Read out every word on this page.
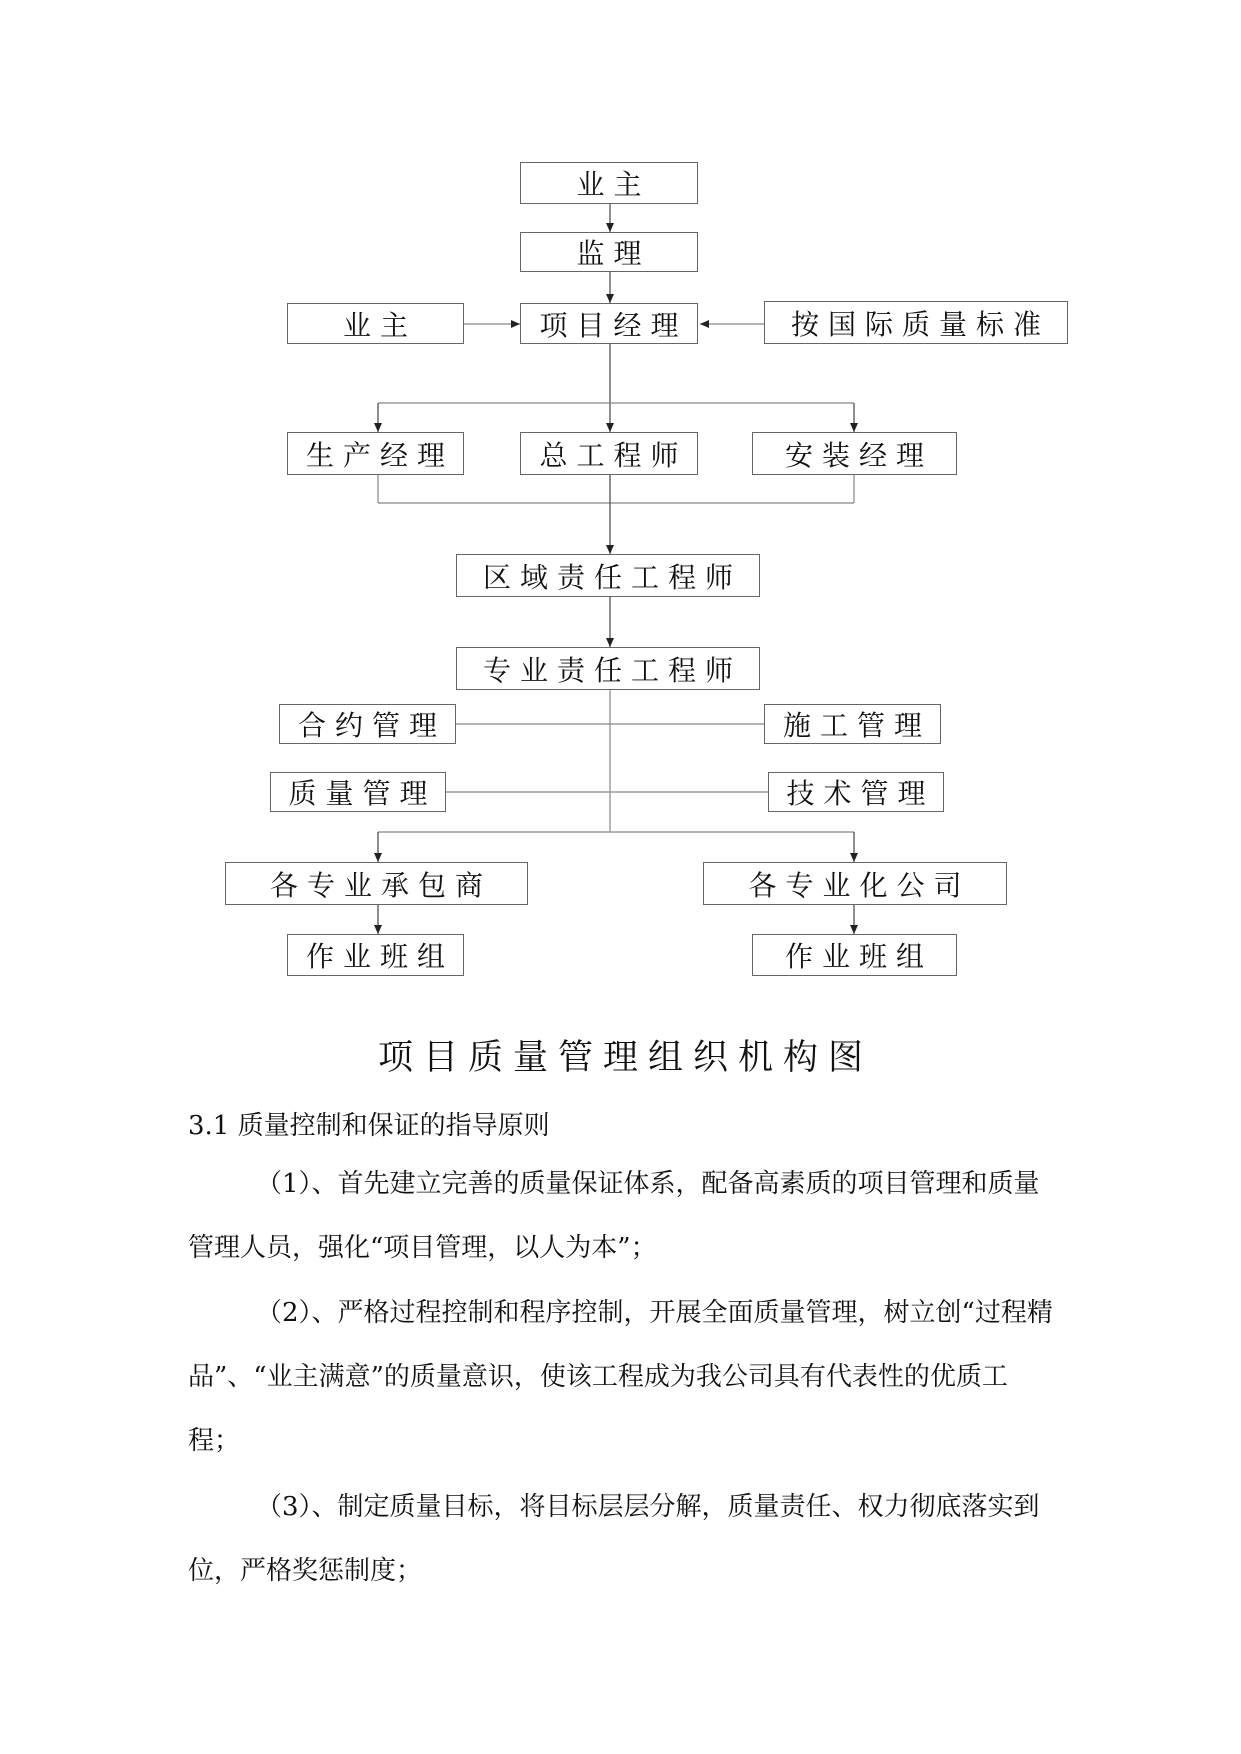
业主
监理
业主	项目经理	按国际质量标准
生产经理	总工程师	安装经理
区域责任工程师
专业责任工程师
合约管理	施工管理
质量管理	技术管理
各专业承包商	各专业化公司
作业班组	作业班组
项目质量管理组织机构图
3.1 质量控制和保证的指导原则
（1）、首先建立完善的质量保证体系，配备高素质的项目管理和质量管理人员，强化“项目管理，以人为本”；
（2）、严格过程控制和程序控制，开展全面质量管理，树立创“过程精品”、“业主满意”的质量意识，使该工程成为我公司具有代表性的优质工程；
（3）、制定质量目标，将目标层层分解，质量责任、权力彻底落实到位，严格奖惩制度；
